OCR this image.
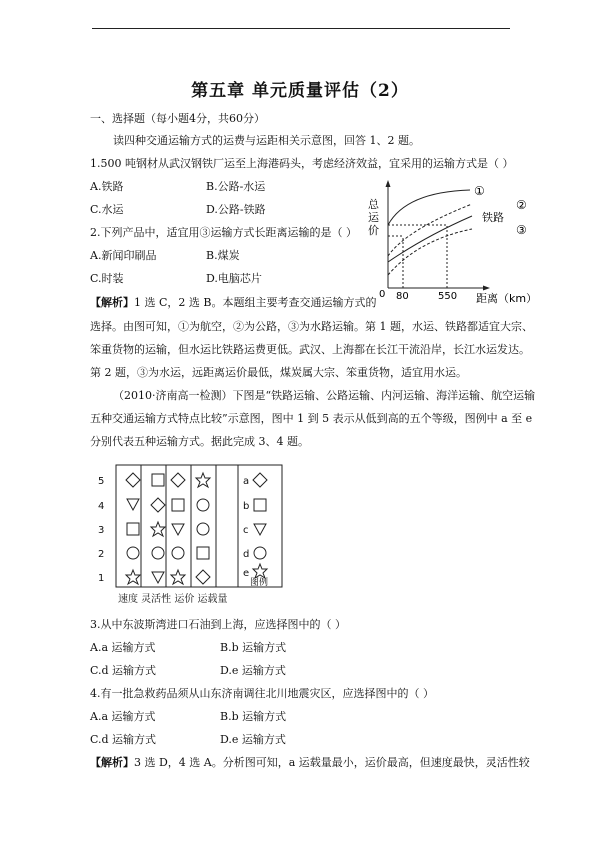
第五章 单元质量评估（2）
一、选择题（每小题4分，共60分）
读四种交通运输方式的运费与运距相关示意图，回答 1、2 题。
1.500 吨钢材从武汉钢铁厂运至上海港码头，考虑经济效益，宜采用的运输方式是（ ）
A.铁路	B.公路-水运
C.水运	D.公路-铁路
2.下列产品中，适宜用③运输方式长距离运输的是（ ）
A.新闻印刷品	B.煤炭
C.时装	D.电脑芯片
总
运
价
0 80	550 距离（km）
①
②
铁路
③
【解析】1 选 C，2 选 B。本题组主要考查交通运输方式的
选择。由图可知，①为航空，②为公路，③为水路运输。第 1 题，水运、铁路都适宜大宗、
笨重货物的运输，但水运比铁路运费更低。武汉、上海都在长江干流沿岸，长江水运发达。
第 2 题，③为水运，远距离运价最低，煤炭属大宗、笨重货物，适宜用水运。
（2010·济南高一检测）下图是“铁路运输、公路运输、内河运输、海洋运输、航空运输
五种交通运输方式特点比较”示意图，图中 1 到 5 表示从低到高的五个等级，图例中 a 至 e
分别代表五种运输方式。据此完成 3、4 题。
5
4
3
2
1
a
b
c
d
e
图例
速度 灵活性 运价 运载量
3.从中东波斯湾进口石油到上海，应选择图中的（ ）
A.a 运输方式	B.b 运输方式
C.d 运输方式	D.e 运输方式
4.有一批急救药品须从山东济南调往北川地震灾区，应选择图中的（ ）
A.a 运输方式	B.b 运输方式
C.d 运输方式	D.e 运输方式
【解析】3 选 D，4 选 A。分析图可知，a 运载量最小，运价最高，但速度最快，灵活性较
